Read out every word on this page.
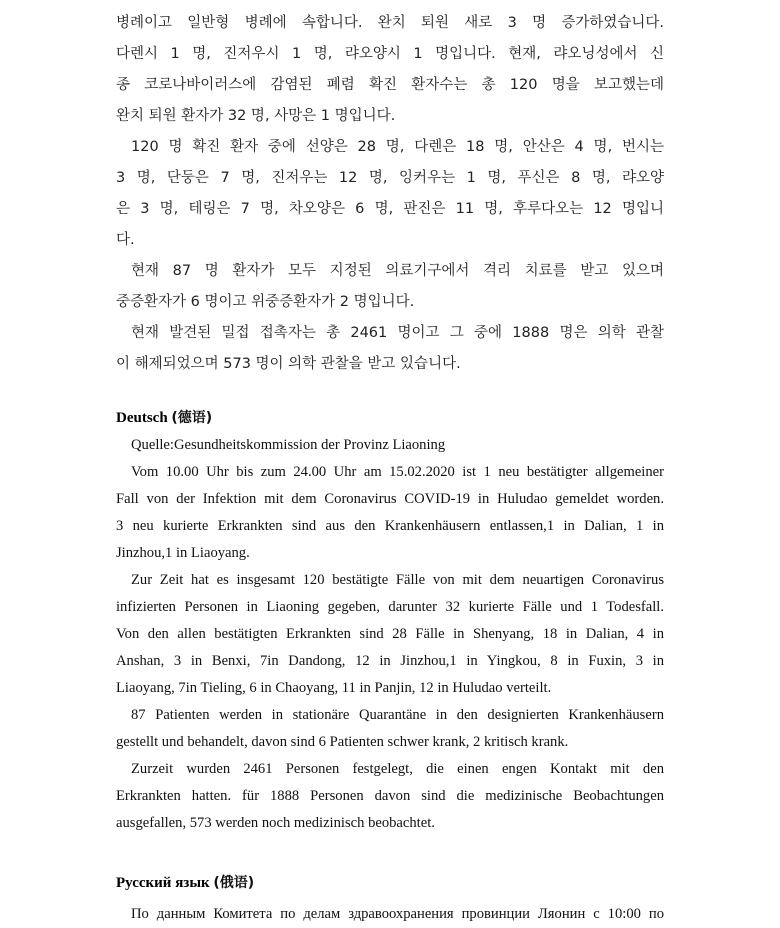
병례이고 일반형 병례에 속합니다. 완치 퇴원 새로 3 명 증가하였습니다.
다렌시 1 명, 진저우시 1 명, 랴오양시 1 명입니다. 현재, 랴오닝성에서 신
종 코로나바이러스에 감염된 폐렴 확진 환자수는 총 120 명을 보고했는데
완치 퇴원 환자가 32 명, 사망은 1 명입니다.
120 명 확진 환자 중에 선양은 28 명, 다렌은 18 명, 안산은 4 명, 번시는
3 명, 단둥은 7 명, 진저우는 12 명, 잉커우는 1 명, 푸신은 8 명, 랴오양
은 3 명, 테링은 7 명, 차오양은 6 명, 판진은 11 명, 후루다오는 12 명입니
다.
현재 87 명 환자가 모두 지정된 의료기구에서 격리 치료를 받고 있으며
중증환자가 6 명이고 위중증환자가 2 명입니다.
현재 발견된 밀접 접촉자는 총 2461 명이고 그 중에 1888 명은 의학 관찰
이 해제되었으며 573 명이 의학 관찰을 받고 있습니다.
Deutsch (德语)
Quelle:Gesundheitskommission der Provinz Liaoning
Vom 10.00 Uhr bis zum 24.00 Uhr am 15.02.2020 ist 1 neu bestätigter allgemeiner
Fall von der Infektion mit dem Coronavirus COVID-19 in Huludao gemeldet worden.
3 neu kurierte Erkrankten sind aus den Krankenhäusern entlassen,1 in Dalian, 1 in
Jinzhou,1 in Liaoyang.
Zur Zeit hat es insgesamt 120 bestätigte Fälle von mit dem neuartigen Coronavirus
infizierten Personen in Liaoning gegeben, darunter 32 kurierte Fälle und 1 Todesfall.
Von den allen bestätigten Erkrankten sind 28 Fälle in Shenyang, 18 in Dalian, 4 in
Anshan, 3 in Benxi, 7in Dandong, 12 in Jinzhou,1 in Yingkou, 8 in Fuxin, 3 in
Liaoyang, 7in Tieling, 6 in Chaoyang, 11 in Panjin, 12 in Huludao verteilt.
87 Patienten werden in stationäre Quarantäne in den designierten Krankenhäusern
gestellt und behandelt, davon sind 6 Patienten schwer krank, 2 kritisch krank.
Zurzeit wurden 2461 Personen festgelegt, die einen engen Kontakt mit den
Erkrankten hatten. für 1888 Personen davon sind die medizinische Beobachtungen
ausgefallen, 573 werden noch medizinisch beobachtet.
Русский язык (俄语)
По данным Комитета по делам здравоохранения провинции Ляонин с 10:00 по
